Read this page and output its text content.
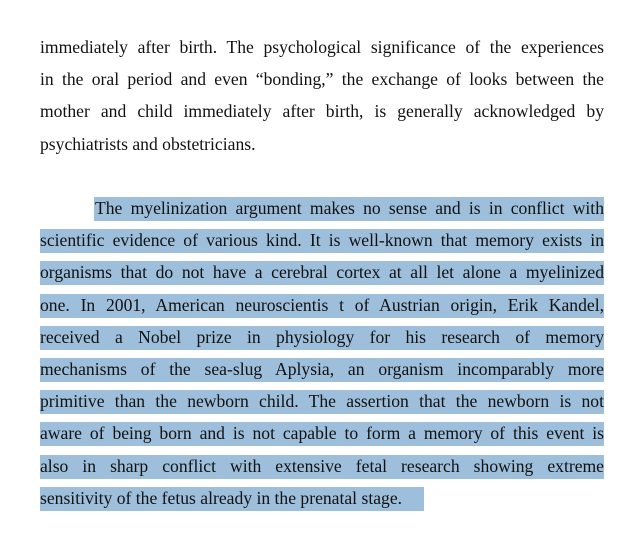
immediately after birth. The psychological significance of the experiences
in the oral period and even “bonding,” the exchange of looks between the
mother and child immediately after birth, is generally acknowledged by
psychiatrists and obstetricians.
The myelinization argument makes no sense and is in conflict with
scientific evidence of various kind. It is well-known that memory exists in
organisms that do not have a cerebral cortex at all let alone a myelinized
one. In 2001, American neuroscientis t of Austrian origin, Erik Kandel,
received a Nobel prize in physiology for his research of memory
mechanisms of the sea-slug Aplysia, an organism incomparably more
primitive than the newborn child. The assertion that the newborn is not
aware of being born and is not capable to form a memory of this event is
also in sharp conflict with extensive fetal research showing extreme
sensitivity of the fetus already in the prenatal stage.
